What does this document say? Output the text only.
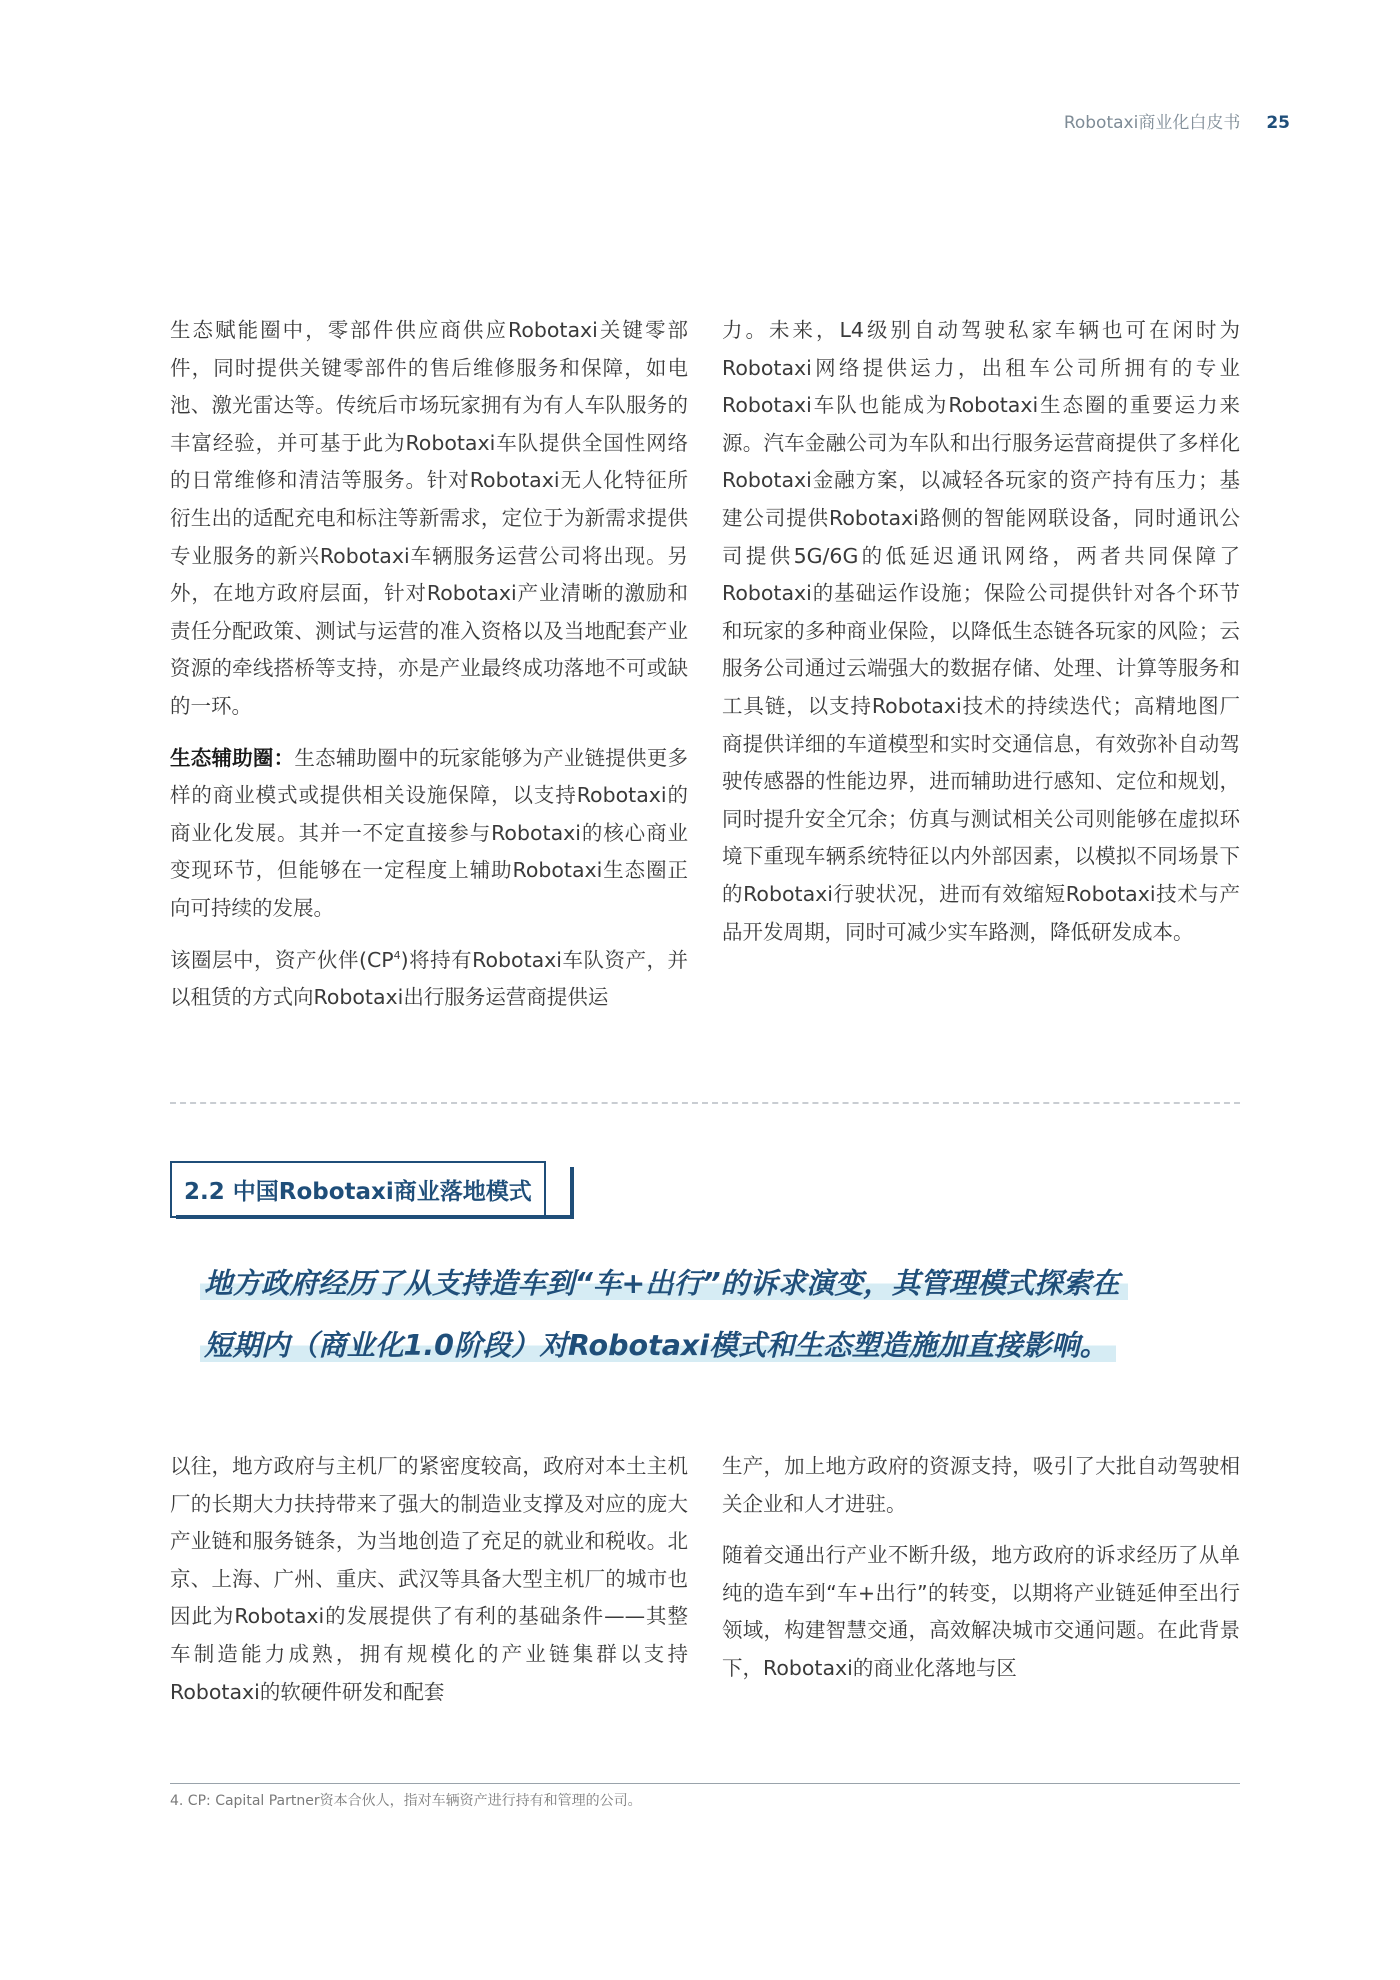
Robotaxi商业化白皮书 25

生态赋能圈中，零部件供应商供应Robotaxi关键零部件，同时提供关键零部件的售后维修服务和保障，如电池、激光雷达等。传统后市场玩家拥有为有人车队服务的丰富经验，并可基于此为Robotaxi车队提供全国性网络的日常维修和清洁等服务。针对Robotaxi无人化特征所衍生出的适配充电和标注等新需求，定位于为新需求提供专业服务的新兴Robotaxi车辆服务运营公司将出现。另外，在地方政府层面，针对Robotaxi产业清晰的激励和责任分配政策、测试与运营的准入资格以及当地配套产业资源的牵线搭桥等支持，亦是产业最终成功落地不可或缺的一环。

生态辅助圈：生态辅助圈中的玩家能够为产业链提供更多样的商业模式或提供相关设施保障，以支持Robotaxi的商业化发展。其并一不定直接参与Robotaxi的核心商业变现环节，但能够在一定程度上辅助Robotaxi生态圈正向可持续的发展。

该圈层中，资产伙伴$(CP^4)$将持有Robotaxi车队资产，并以租赁的方式向Robotaxi出行服务运营商提供运

力。未来，L4级别自动驾驶私家车辆也可在闲时为Robotaxi网络提供运力，出租车公司所拥有的专业Robotaxi车队也能成为Robotaxi生态圈的重要运力来源。汽车金融公司为车队和出行服务运营商提供了多样化Robotaxi金融方案，以减轻各玩家的资产持有压力；基建公司提供Robotaxi路侧的智能网联设备，同时通讯公司提供5G/6G的低延迟通讯网络，两者共同保障了Robotaxi的基础运作设施；保险公司提供针对各个环节和玩家的多种商业保险，以降低生态链各玩家的风险；云服务公司通过云端强大的数据存储、处理、计算等服务和工具链，以支持Robotaxi技术的持续迭代；高精地图厂商提供详细的车道模型和实时交通信息，有效弥补自动驾驶传感器的性能边界，进而辅助进行感知、定位和规划，同时提升安全冗余；仿真与测试相关公司则能够在虚拟环境下重现车辆系统特征以内外部因素，以模拟不同场景下的Robotaxi行驶状况，进而有效缩短Robotaxi技术与产品开发周期，同时可减少实车路测，降低研发成本。

2.2 中国Robotaxi商业落地模式
地方政府经历了从支持造车到“车+出行”的诉求演变，其管理模式探索在
短期内（商业化1.0阶段）对Robotaxi模式和生态塑造施加直接影响。

以往，地方政府与主机厂的紧密度较高，政府对本土主机厂的长期大力扶持带来了强大的制造业支撑及对应的庞大产业链和服务链条，为当地创造了充足的就业和税收。北京、上海、广州、重庆、武汉等具备大型主机厂的城市也因此为Robotaxi的发展提供了有利的基础条件——其整车制造能力成熟，拥有规模化的产业链集群以支持Robotaxi的软硬件研发和配套

生产，加上地方政府的资源支持，吸引了大批自动驾驶相关企业和人才进驻。

随着交通出行产业不断升级，地方政府的诉求经历了从单纯的造车到“车+出行”的转变，以期将产业链延伸至出行领域，构建智慧交通，高效解决城市交通问题。在此背景下，Robotaxi的商业化落地与区

4. CP: Capital Partner资本合伙人，指对车辆资产进行持有和管理的公司。
